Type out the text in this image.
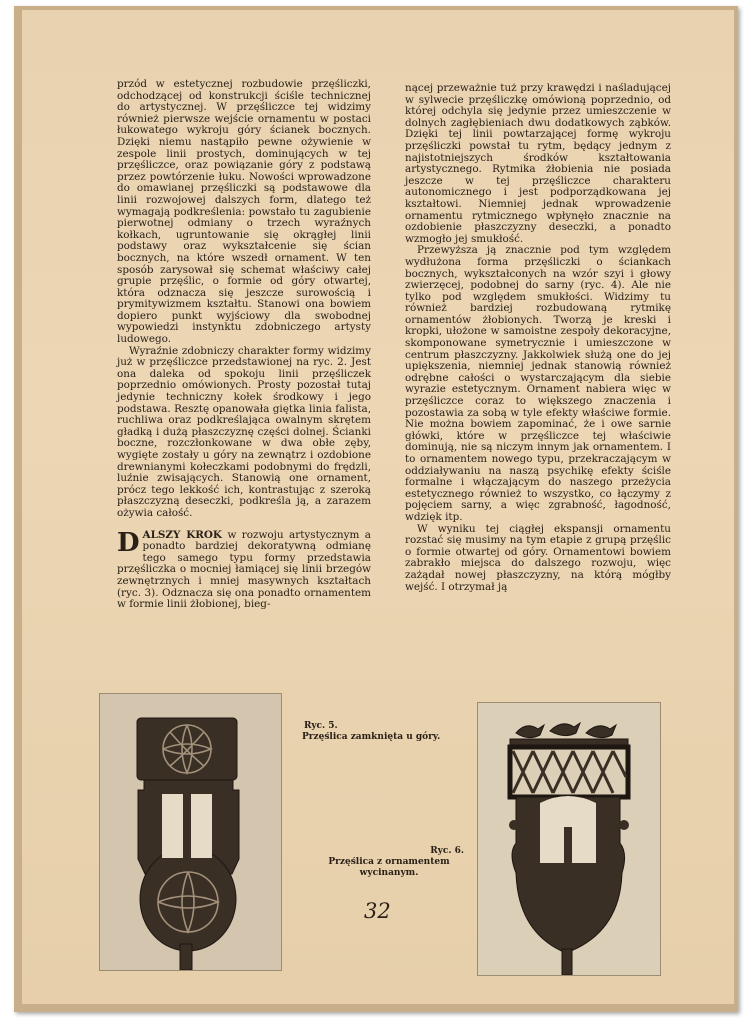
przód w estetycznej rozbudowie przęśliczki, odchodzącej od konstrukcji ściśle technicznej do artystycznej. W przęśliczce tej widzimy również pierwsze wejście ornamentu w postaci łukowatego wykroju góry ścianek bocznych. Dzięki niemu nastąpiło pewne ożywienie w zespole linii prostych, dominujących w tej przęśliczce, oraz powiązanie góry z podstawą przez powtórzenie łuku. Nowości wprowadzone do omawianej przęśliczki są podstawowe dla linii rozwojowej dalszych form, dlatego też wymagają podkreślenia: powstało tu zagubienie pierwotnej odmiany o trzech wyraźnych kołkach, ugruntowanie się okrągłej linii podstawy oraz wykształcenie się ścian bocznych, na które wszedł ornament. W ten sposób zarysował się schemat właściwy całej grupie przęślic, o formie od góry otwartej, która odznacza się jeszcze surowością i prymitywizmem kształtu. Stanowi ona bowiem dopiero punkt wyjściowy dla swobodnej wypowiedzi instynktu zdobniczego artysty ludowego.

Wyraźnie zdobniczy charakter formy widzimy już w przęśliczce przedstawionej na ryc. 2. Jest ona daleka od spokoju linii przęśliczek poprzednio omówionych. Prosty pozostał tutaj jedynie techniczny kołek środkowy i jego podstawa. Resztę opanowała giętka linia falista, ruchliwa oraz podkreślająca owalnym skrętem gładką i dużą płaszczyznę części dolnej. Ścianki boczne, rozczłonkowane w dwa obłe zęby, wygięte zostały u góry na zewnątrz i ozdobione drewnianymi kołeczkami podobnymi do frędzli, luźnie zwisających. Stanowią one ornament, prócz tego lekkość ich, kontrastując z szeroką płaszczyzną deseczki, podkreśla ją, a zarazem ożywia całość.

DALSZY KROK w rozwoju artystycznym a ponadto bardziej dekoratywną odmianę tego samego typu formy przedstawia przęśliczka o mocniej łamiącej się linii brzegów zewnętrznych i mniej masywnych kształtach (ryc. 3). Odznacza się ona ponadto ornamentem w formie linii żłobionej, bieg-

nącej przeważnie tuż przy krawędzi i naśladującej w sylwecie przęśliczkę omówioną poprzednio, od której odchyla się jedynie przez umieszczenie w dolnych zagłębieniach dwu dodatkowych ząbków. Dzięki tej linii powtarzającej formę wykroju przęśliczki powstał tu rytm, będący jednym z najistotniejszych środków kształtowania artystycznego. Rytmika żłobienia nie posiada jeszcze w tej przęśliczce charakteru autonomicznego i jest podporządkowana jej kształtowi. Niemniej jednak wprowadzenie ornamentu rytmicznego wpłynęło znacznie na ozdobienie płaszczyzny deseczki, a ponadto wzmogło jej smukłość.

Przewyższa ją znacznie pod tym względem wydłużona forma przęśliczki o ściankach bocznych, wykształconych na wzór szyi i głowy zwierzęcej, podobnej do sarny (ryc. 4). Ale nie tylko pod względem smukłości. Widzimy tu również bardziej rozbudowaną rytmikę ornamentów żłobionych. Tworzą je kreski i kropki, ułożone w samoistne zespoły dekoracyjne, skomponowane symetrycznie i umieszczone w centrum płaszczyzny. Jakkolwiek służą one do jej upiększenia, niemniej jednak stanowią również odrębne całości o wystarczającym dla siebie wyrazie estetycznym. Ornament nabiera więc w przęśliczce coraz to większego znaczenia i pozostawia za sobą w tyle efekty właściwe formie. Nie można bowiem zapominać, że i owe sarnie główki, które w przęśliczce tej właściwie dominują, nie są niczym innym jak ornamentem. I to ornamentem nowego typu, przekraczającym w oddziaływaniu na naszą psychikę efekty ściśle formalne i włączającym do naszego przeżycia estetycznego również to wszystko, co łączymy z pojęciem sarny, a więc zgrabność, łagodność, wdzięk itp.

W wyniku tej ciągłej ekspansji ornamentu rozstać się musimy na tym etapie z grupą przęślic o formie otwartej od góry. Ornamentowi bowiem zabrakło miejsca do dalszego rozwoju, więc zażądał nowej płaszczyzny, na którą mógłby wejść. I otrzymał ją

Ryc. 5.
Przęślica zamknięta u góry.
Ryc. 6.
Przęślica z ornamentem wycinanym.
32
